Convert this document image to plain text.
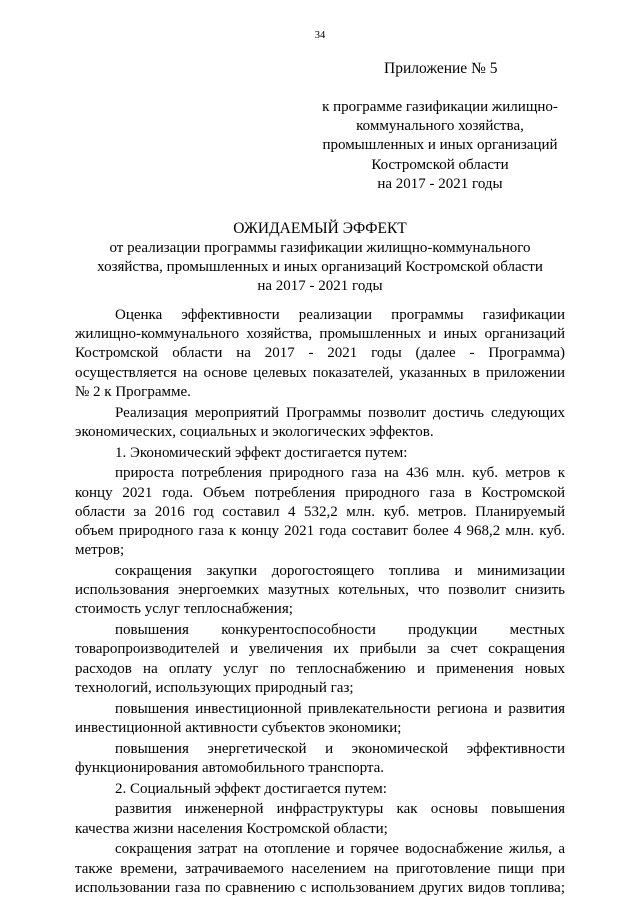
34
Приложение № 5
к программе газификации жилищно-
коммунального хозяйства,
промышленных и иных организаций
Костромской области
на 2017 - 2021 годы
ОЖИДАЕМЫЙ ЭФФЕКТ
от реализации программы газификации жилищно-коммунального
хозяйства, промышленных и иных организаций Костромской области
на 2017 - 2021 годы
Оценка эффективности реализации программы газификации
жилищно-коммунального хозяйства, промышленных и иных организаций
Костромской области на 2017 - 2021 годы (далее - Программа)
осуществляется на основе целевых показателей, указанных в приложении
№ 2 к Программе.
Реализация мероприятий Программы позволит достичь следующих
экономических, социальных и экологических эффектов.
1. Экономический эффект достигается путем:
прироста потребления природного газа на 436 млн. куб. метров к
концу 2021 года. Объем потребления природного газа в Костромской
области за 2016 год составил 4 532,2 млн. куб. метров. Планируемый
объем природного газа к концу 2021 года составит более 4 968,2 млн. куб.
метров;
сокращения закупки дорогостоящего топлива и минимизации
использования энергоемких мазутных котельных, что позволит снизить
стоимость услуг теплоснабжения;
повышения конкурентоспособности продукции местных
товаропроизводителей и увеличения их прибыли за счет сокращения
расходов на оплату услуг по теплоснабжению и применения новых
технологий, использующих природный газ;
повышения инвестиционной привлекательности региона и развития
инвестиционной активности субъектов экономики;
повышения энергетической и экономической эффективности
функционирования автомобильного транспорта.
2. Социальный эффект достигается путем:
развития инженерной инфраструктуры как основы повышения
качества жизни населения Костромской области;
сокращения затрат на отопление и горячее водоснабжение жилья, а
также времени, затрачиваемого населением на приготовление пищи при
использовании газа по сравнению с использованием других видов топлива;
